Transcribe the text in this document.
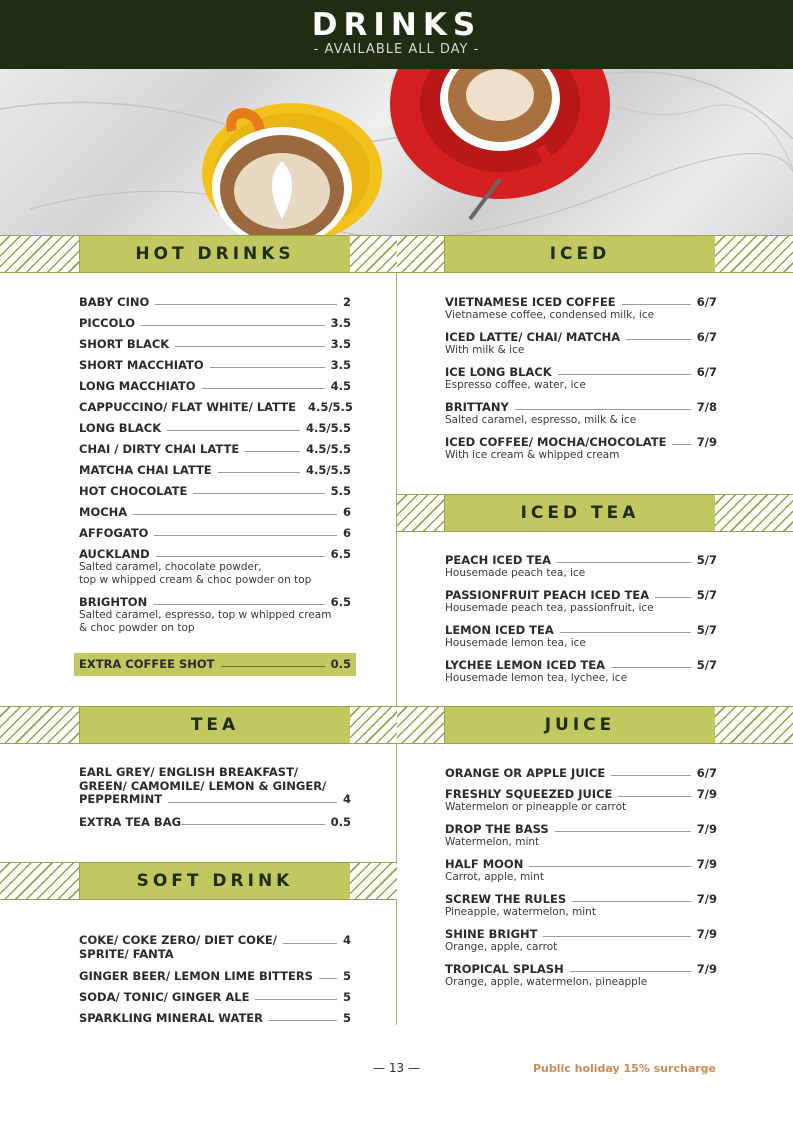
DRINKS
- AVAILABLE ALL DAY -
HOT DRINKS	ICED
BABY CINO	2
PICCOLO	3.5
SHORT BLACK	3.5
SHORT MACCHIATO	3.5
LONG MACCHIATO	4.5
CAPPUCCINO/ FLAT WHITE/ LATTE 4.5/5.5
LONG BLACK	4.5/5.5
CHAI / DIRTY CHAI LATTE	4.5/5.5
MATCHA CHAI LATTE	4.5/5.5
HOT CHOCOLATE	5.5
MOCHA	6
AFFOGATO	6
AUCKLAND	6.5
Salted caramel, chocolate powder,
top w whipped cream & choc powder on top
BRIGHTON	6.5
Salted caramel, espresso, top w whipped cream
& choc powder on top
EXTRA COFFEE SHOT	0.5
VIETNAMESE ICED COFFEE	6/7
Vietnamese coffee, condensed milk, ice
ICED LATTE/ CHAI/ MATCHA	6/7
With milk & ice
ICE LONG BLACK	6/7
Espresso coffee, water, ice
BRITTANY	7/8
Salted caramel, espresso, milk & ice
ICED COFFEE/ MOCHA/CHOCOLATE	7/9
With ice cream & whipped cream
ICED TEA
PEACH ICED TEA	5/7
Housemade peach tea, ice
PASSIONFRUIT PEACH ICED TEA	5/7
Housemade peach tea, passionfruit, ice
LEMON ICED TEA	5/7
Housemade lemon tea, ice
LYCHEE LEMON ICED TEA	5/7
Housemade lemon tea, lychee, ice
TEA	JUICE
EARL GREY/ ENGLISH BREAKFAST/
GREEN/ CAMOMILE/ LEMON & GINGER/
PEPPERMINT	4
EXTRA TEA BAG	0.5
SOFT DRINK
COKE/ COKE ZERO/ DIET COKE/	4
SPRITE/ FANTA
GINGER BEER/ LEMON LIME BITTERS	5
SODA/ TONIC/ GINGER ALE	5
SPARKLING MINERAL WATER	5
ORANGE OR APPLE JUICE	6/7
FRESHLY SQUEEZED JUICE	7/9
Watermelon or pineapple or carrot
DROP THE BASS	7/9
Watermelon, mint
HALF MOON	7/9
Carrot, apple, mint
SCREW THE RULES	7/9
Pineapple, watermelon, mint
SHINE BRIGHT	7/9
Orange, apple, carrot
TROPICAL SPLASH	7/9
Orange, apple, watermelon, pineapple
— 13 —	Public holiday 15% surcharge
